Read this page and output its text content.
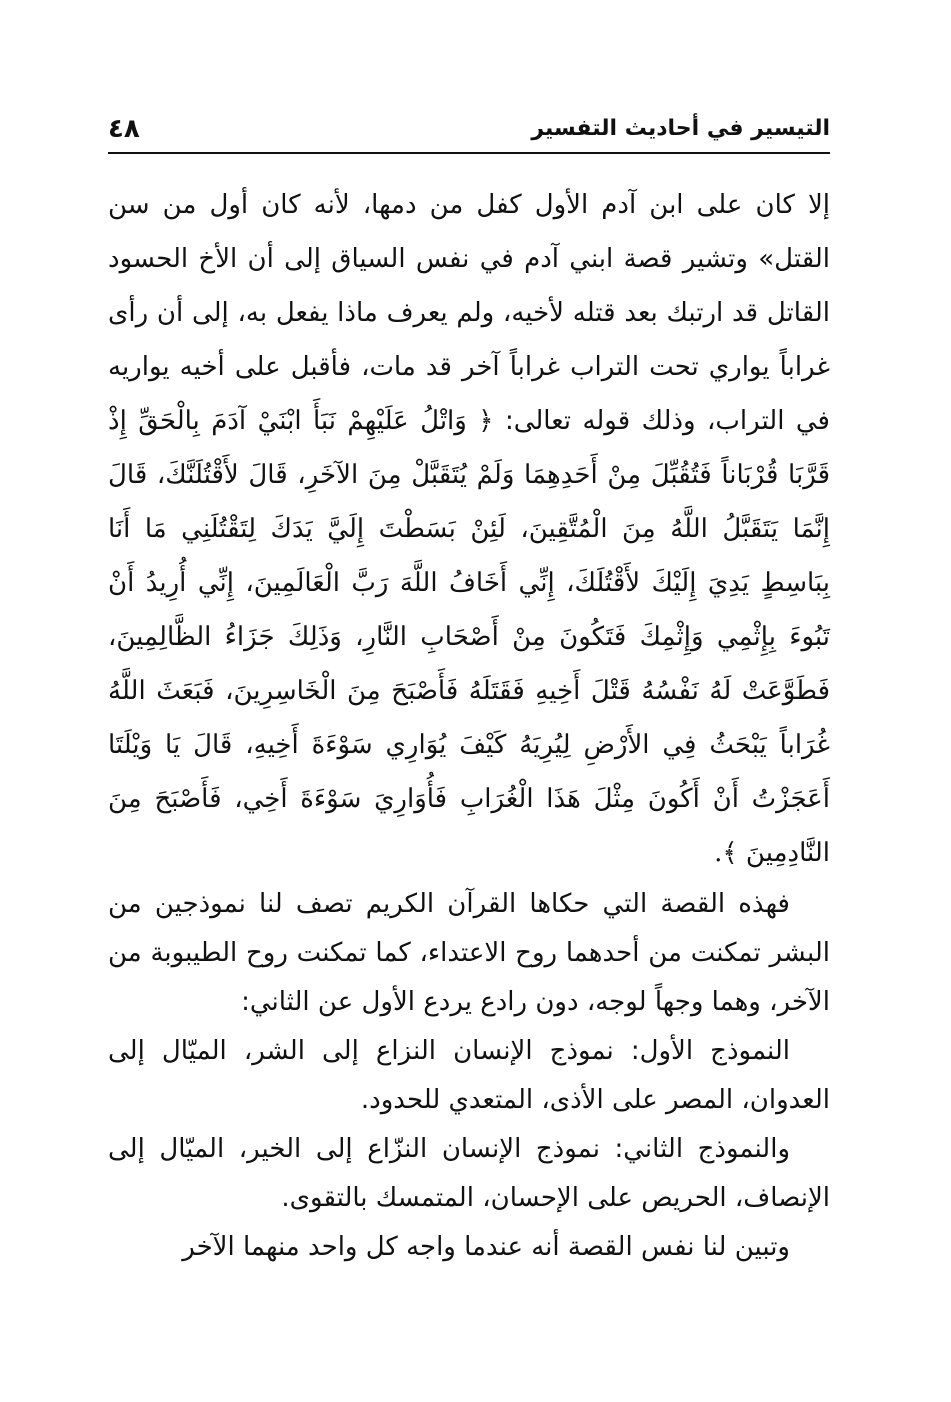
٤٨	التيسير في أحاديث التفسير

إلا كان على ابن آدم الأول كفل من دمها، لأنه كان أول من سن القتل» وتشير قصة ابني آدم في نفس السياق إلى أن الأخ الحسود القاتل قد ارتبك بعد قتله لأخيه، ولم يعرف ماذا يفعل به، إلى أن رأى غراباً يواري تحت التراب غراباً آخر قد مات، فأقبل على أخيه يواريه في التراب، وذلك قوله تعالى: ﴿ وَاتْلُ عَلَيْهِمْ نَبَأَ ابْنَيْ آدَمَ بِالْحَقِّ إِذْ قَرَّبَا قُرْبَاناً فَتُقُبِّلَ مِنْ أَحَدِهِمَا وَلَمْ يُتَقَبَّلْ مِنَ الآخَرِ، قَالَ لأَقْتُلَنَّكَ، قَالَ إِنَّمَا يَتَقَبَّلُ اللَّهُ مِنَ الْمُتَّقِينَ، لَئِنْ بَسَطْتَ إِلَيَّ يَدَكَ لِتَقْتُلَنِي مَا أَنَا بِبَاسِطٍ يَدِيَ إِلَيْكَ لأَقْتُلَكَ، إِنِّي أَخَافُ اللَّهَ رَبَّ الْعَالَمِينَ، إِنِّي أُرِيدُ أَنْ تَبُوءَ بِإِثْمِي وَإِثْمِكَ فَتَكُونَ مِنْ أَصْحَابِ النَّارِ، وَذَلِكَ جَزَاءُ الظَّالِمِينَ، فَطَوَّعَتْ لَهُ نَفْسُهُ قَتْلَ أَخِيهِ فَقَتَلَهُ فَأَصْبَحَ مِنَ الْخَاسِرِينَ، فَبَعَثَ اللَّهُ غُرَاباً يَبْحَثُ فِي الأَرْضِ لِيُرِيَهُ كَيْفَ يُوَارِي سَوْءَةَ أَخِيهِ، قَالَ يَا وَيْلَتَا أَعَجَزْتُ أَنْ أَكُونَ مِثْلَ هَذَا الْغُرَابِ فَأُوَارِيَ سَوْءَةَ أَخِي، فَأَصْبَحَ مِنَ النَّادِمِينَ ﴾.

فهذه القصة التي حكاها القرآن الكريم تصف لنا نموذجين من البشر تمكنت من أحدهما روح الاعتداء، كما تمكنت روح الطيبوبة من الآخر، وهما وجهاً لوجه، دون رادع يردع الأول عن الثاني:

النموذج الأول: نموذج الإنسان النزاع إلى الشر، الميّال إلى العدوان، المصر على الأذى، المتعدي للحدود.

والنموذج الثاني: نموذج الإنسان النزّاع إلى الخير، الميّال إلى الإنصاف، الحريص على الإحسان، المتمسك بالتقوى.

وتبين لنا نفس القصة أنه عندما واجه كل واحد منهما الآخر
